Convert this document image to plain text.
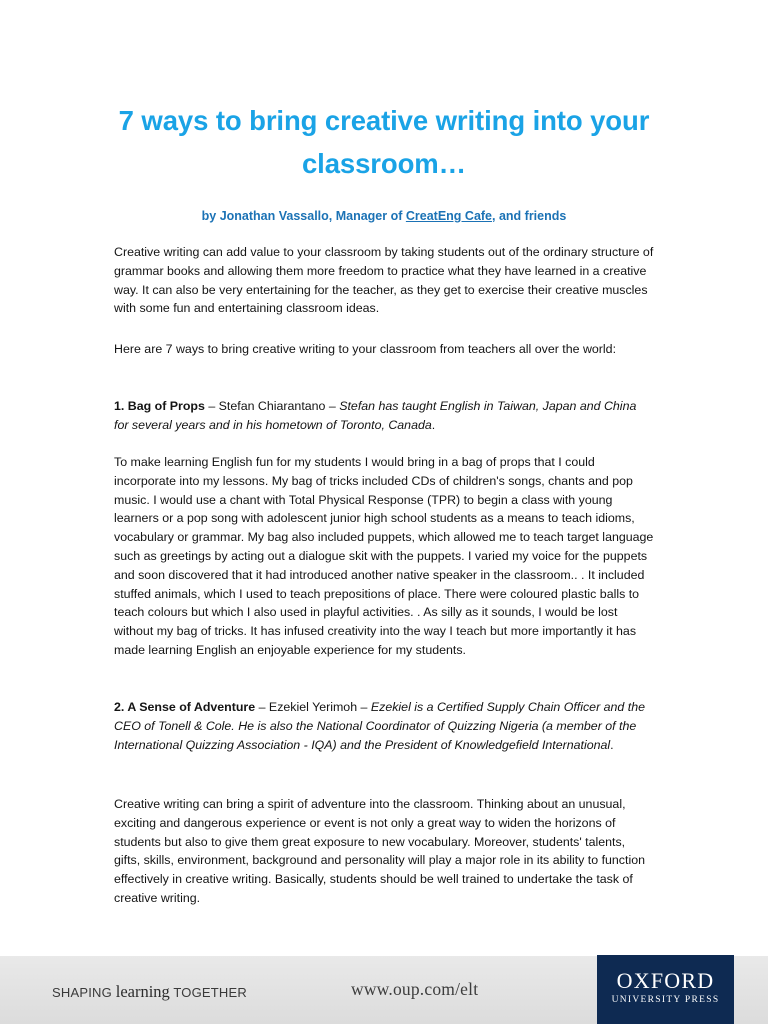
7 ways to bring creative writing into your classroom…

by Jonathan Vassallo, Manager of CreatEng Cafe, and friends

Creative writing can add value to your classroom by taking students out of the ordinary structure of grammar books and allowing them more freedom to practice what they have learned in a creative way. It can also be very entertaining for the teacher, as they get to exercise their creative muscles with some fun and entertaining classroom ideas.

Here are 7 ways to bring creative writing to your classroom from teachers all over the world:

1. Bag of Props – Stefan Chiarantano – Stefan has taught English in Taiwan, Japan and China for several years and in his hometown of Toronto, Canada.

To make learning English fun for my students I would bring in a bag of props that I could incorporate into my lessons. My bag of tricks included CDs of children's songs, chants and pop music. I would use a chant with Total Physical Response (TPR) to begin a class with young learners or a pop song with adolescent junior high school students as a means to teach idioms, vocabulary or grammar. My bag also included puppets, which allowed me to teach target language such as greetings by acting out a dialogue skit with the puppets. I varied my voice for the puppets and soon discovered that it had introduced another native speaker in the classroom.. . It included stuffed animals, which I used to teach prepositions of place. There were coloured plastic balls to teach colours but which I also used in playful activities. . As silly as it sounds, I would be lost without my bag of tricks. It has infused creativity into the way I teach but more importantly it has made learning English an enjoyable experience for my students.

2. A Sense of Adventure – Ezekiel Yerimoh – Ezekiel is a Certified Supply Chain Officer and the CEO of Tonell & Cole. He is also the National Coordinator of Quizzing Nigeria (a member of the International Quizzing Association - IQA) and the President of Knowledgefield International.

Creative writing can bring a spirit of adventure into the classroom. Thinking about an unusual, exciting and dangerous experience or event is not only a great way to widen the horizons of students but also to give them great exposure to new vocabulary. Moreover, students' talents, gifts, skills, environment, background and personality will play a major role in its ability to function effectively in creative writing. Basically, students should be well trained to undertake the task of creative writing.

SHAPING learning TOGETHER	www.oup.com/elt	OXFORD
UNIVERSITY PRESS
